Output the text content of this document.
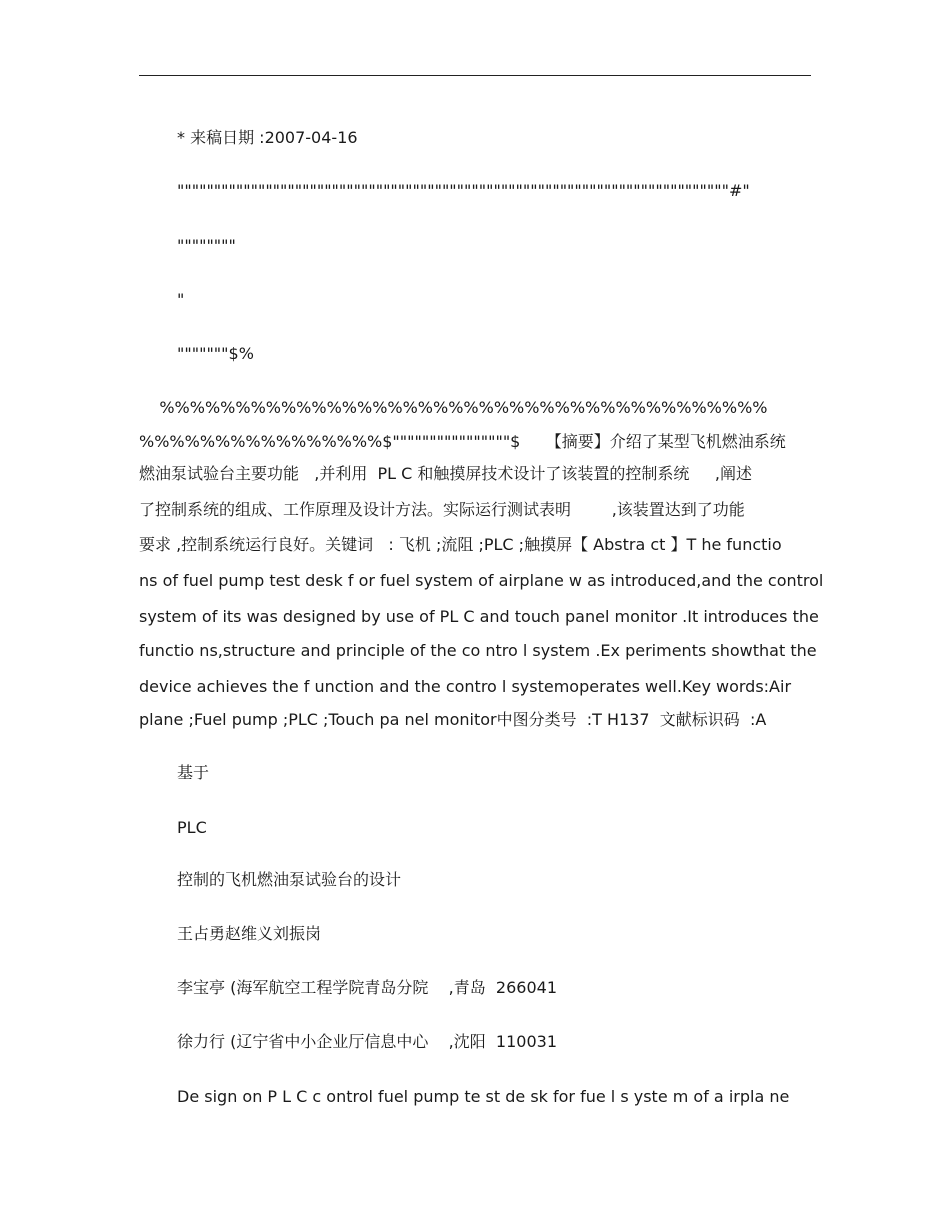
* 来稿日期 :2007-04-16
"""""""""""""""""""""""""""""""""""""""""""""""""""""""""""""""""""""""""""#"
""""""""
"
"""""""$%
%%%%%%%%%%%%%%%%%%%%%%%%%%%%%%%%%%%%%%%%
%%%%%%%%%%%%%%%%$""""""""""""""""$     【摘要】介绍了某型飞机燃油系统
燃油泵试验台主要功能   ,并利用  PL C 和触摸屏技术设计了该装置的控制系统     ,阐述
了控制系统的组成、工作原理及设计方法。实际运行测试表明        ,该装置达到了功能
要求 ,控制系统运行良好。关键词   : 飞机 ;流阻 ;PLC ;触摸屏【 Abstra ct 】T he functio
ns of fuel pump test desk f or fuel system of airplane w as introduced,and the control
system of its was designed by use of PL C and touch panel monitor .It introduces the
functio ns,structure and principle of the co ntro l system .Ex periments showthat the
device achieves the f unction and the contro l systemoperates well.Key words:Air
plane ;Fuel pump ;PLC ;Touch pa nel monitor中图分类号  :T H137  文献标识码  :A
基于
PLC
控制的飞机燃油泵试验台的设计
王占勇赵维义刘振岗
李宝亭 (海军航空工程学院青岛分院    ,青岛  266041
徐力行 (辽宁省中小企业厅信息中心    ,沈阳  110031
De sign on P L C c ontrol fuel pump te st de sk for fue l s yste m of a irpla ne
